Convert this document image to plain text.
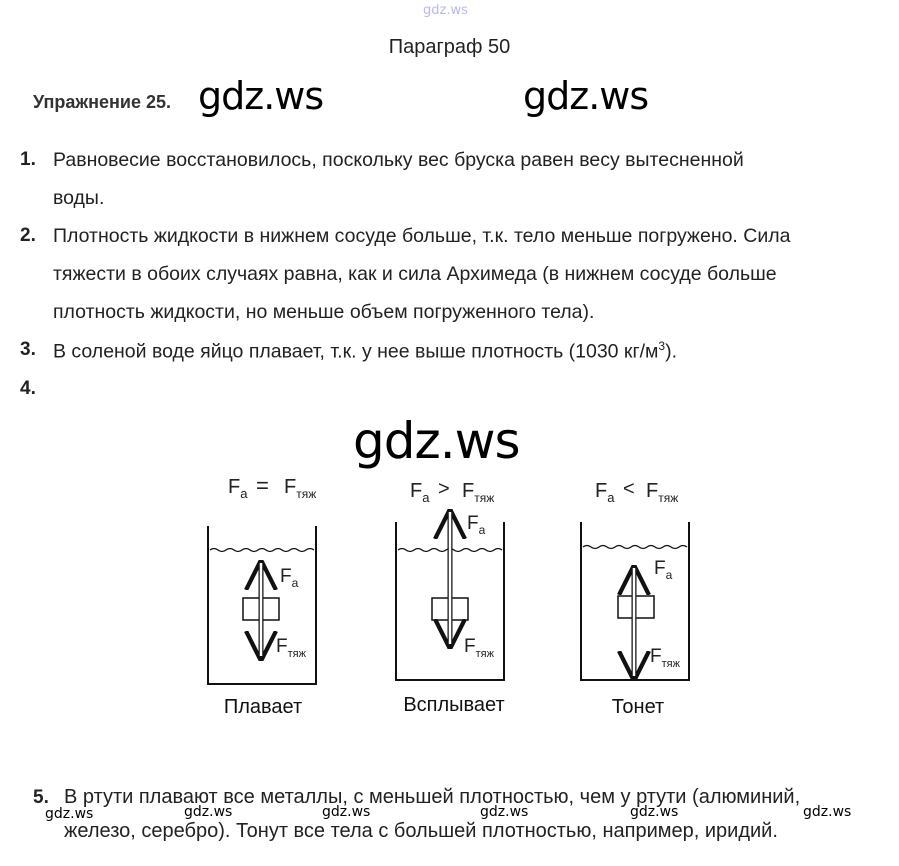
gdz.ws
Параграф 50
Упражнение 25. gdz.ws	gdz.ws
1. Равновесие восстановилось, поскольку вес бруска равен весу вытесненной
воды.
2. Плотность жидкости в нижнем сосуде больше, т.к. тело меньше погружено. Сила
тяжести в обоих случаях равна, как и сила Архимеда (в нижнем сосуде больше
плотность жидкости, но меньше объем погруженного тела).
3. В соленой воде яйцо плавает, т.к. у нее выше плотность (1030 $кг/м^3$).
4.
gdz.ws
$F_a = F_{тяж}$
$F_a$
$F_{тяж}$
$F_a > F_{тяж}$
$F_a$
$F_{тяж}$
$F_a < F_{тяж}$
$F_a$
$F_{тяж}$
Плавает	Всплывает	Тонет
5. В ртути плавают все металлы, с меньшей плотностью, чем у ртути (алюминий,
железо, серебро). Тонут все тела с большей плотностью, например, иридий.
gdz.ws	gdz.ws	gdz.ws	gdz.ws	gdz.ws	gdz.ws
